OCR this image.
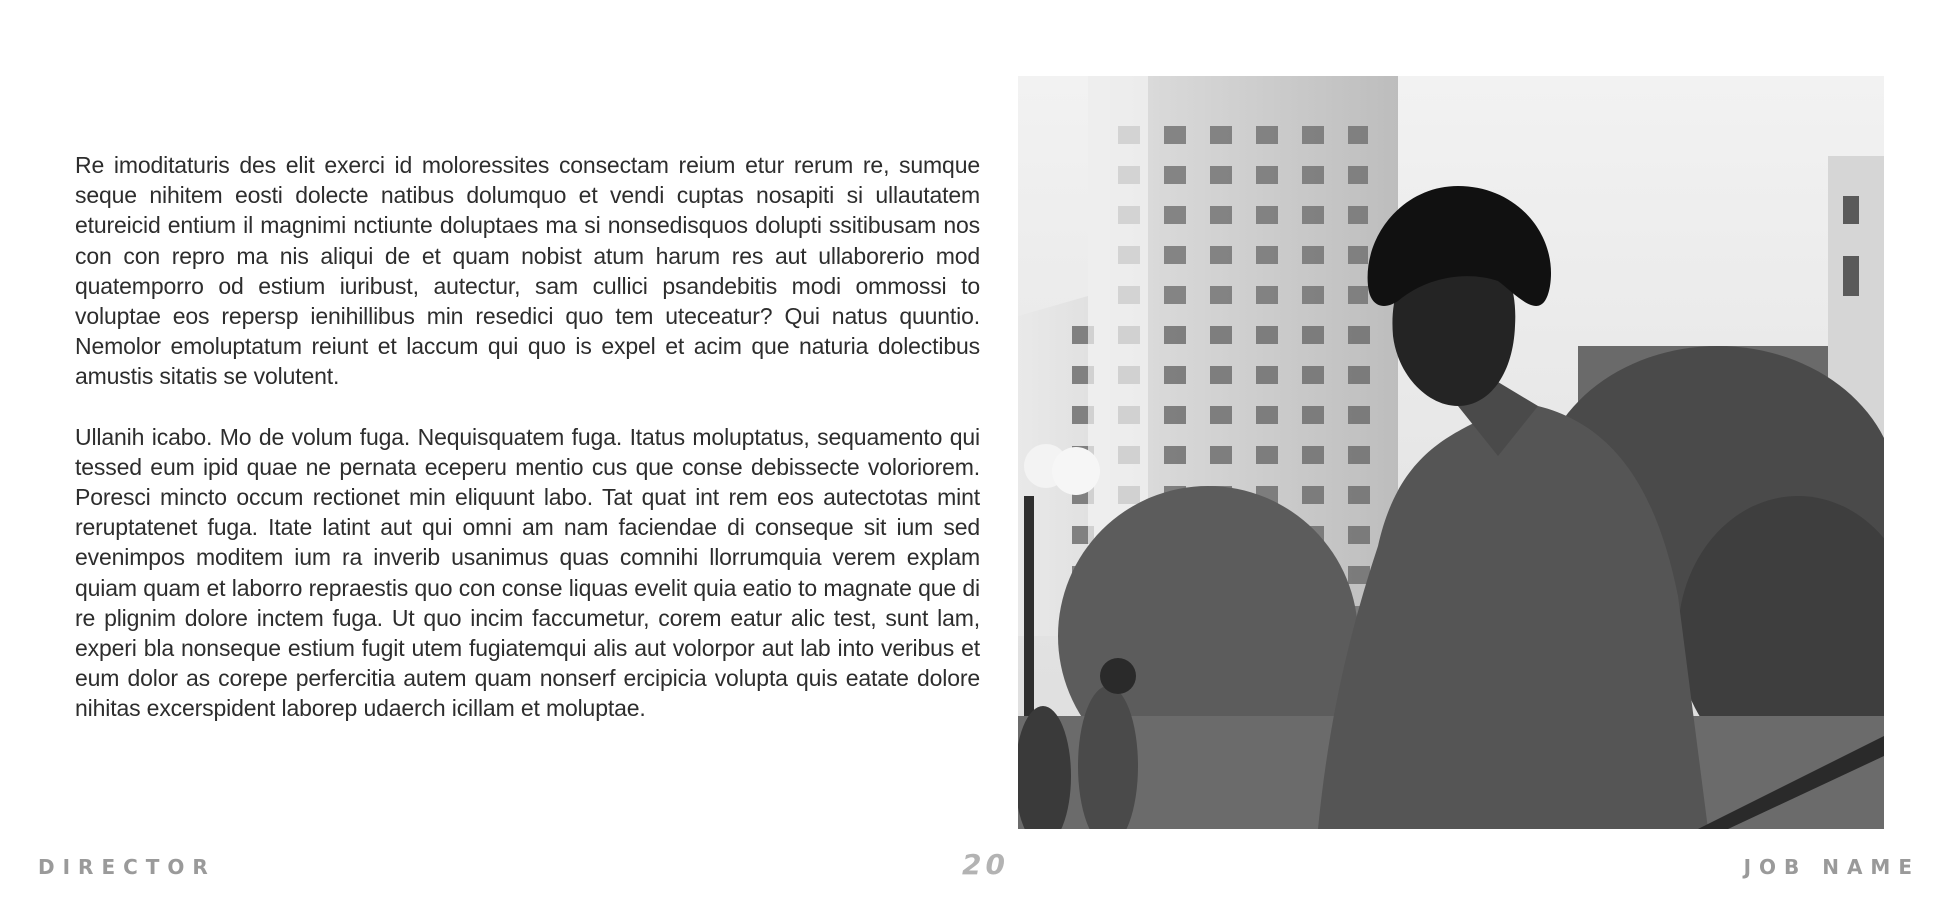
Re imoditaturis des elit exerci id moloressites consectam reium etur rerum re, sumque seque nihitem eosti dolecte natibus dolumquo et vendi cuptas nosapiti si ullautatem etureicid entium il magnimi nctiunte doluptaes ma si nonsedisquos dolupti ssitibusam nos con con repro ma nis aliqui de et quam nobist atum harum res aut ullaborerio mod quatemporro od estium iuribust, autectur, sam cullici psandebitis modi ommossi to voluptae eos repersp ienihillibus min resedici quo tem uteceatur? Qui natus quuntio. Nemolor emoluptatum reiunt et laccum qui quo is expel et acim que naturia dolectibus amustis sitatis se volutent.

Ullanih icabo. Mo de volum fuga. Nequisquatem fuga. Itatus moluptatus, sequamento qui tessed eum ipid quae ne pernata eceperu mentio cus que conse debissecte voloriorem. Poresci mincto occum rectionet min eliquunt labo. Tat quat int rem eos autectotas mint reruptatenet fuga. Itate latint aut qui omni am nam faciendae di conseque sit ium sed evenimpos moditem ium ra inverib usanimus quas comnihi llorrumquia verem explam quiam quam et laborro repraestis quo con conse liquas evelit quia eatio to magnate que di re plignim dolore inctem fuga. Ut quo incim faccumetur, corem eatur alic test, sunt lam, experi bla nonseque estium fugit utem fugiatemqui alis aut volorpor aut lab into veribus et eum dolor as corepe perfercitia autem quam nonserf ercipicia volupta quis eatate dolore nihitas excerspident laborep udaerch icillam et moluptae.

DIRECTOR	20	JOB NAME
